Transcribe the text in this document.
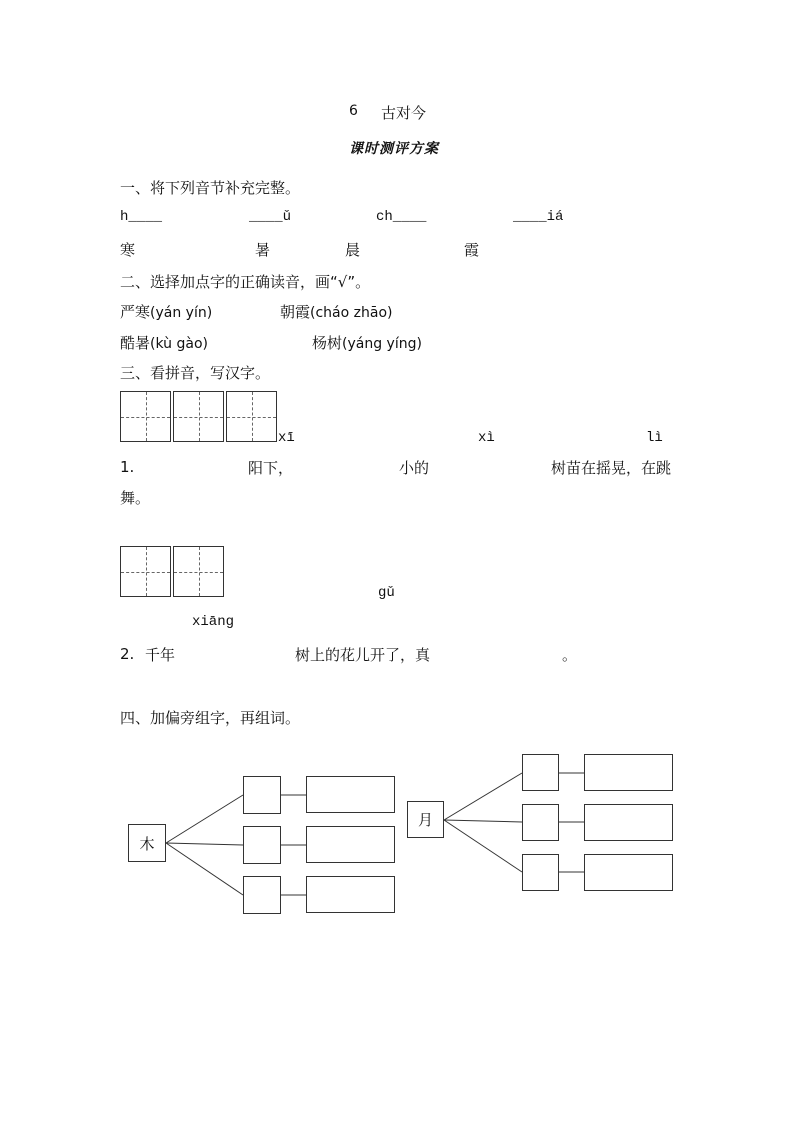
6 古对今
课时测评方案
一、将下列音节补充完整。
h____	____ǔ	ch____	____iá
寒	暑	晨	霞
二、选择加点字的正确读音，画“√”。
严寒(yán yín)	朝霞(cháo zhāo)
酷暑(kù gào)	杨树(yáng yíng)
三、看拼音，写汉字。
xī	xì	lì
1.	阳下，	小的	树苗在摇晃，在跳
舞。
gǔ
xiāng
2. 千年	树上的花儿开了，真	。
四、加偏旁组字，再组词。
木
月
